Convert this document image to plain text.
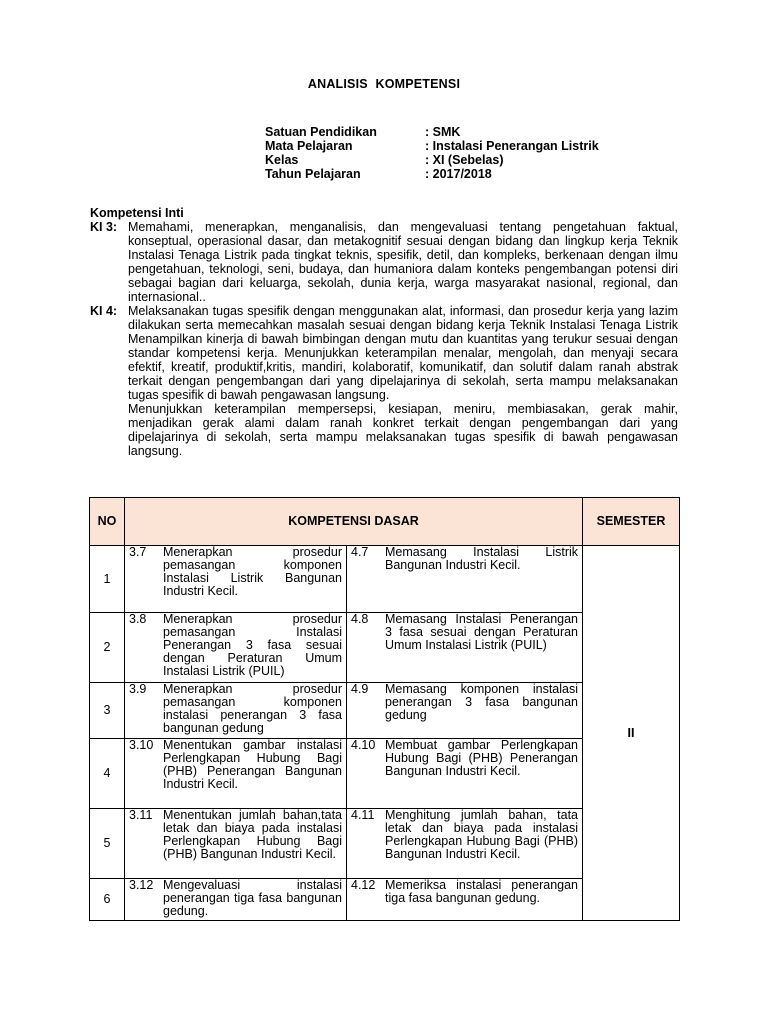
ANALISIS KOMPETENSI
Satuan Pendidikan	: SMK
Mata Pelajaran	: Instalasi Penerangan Listrik
Kelas	: XI (Sebelas)
Tahun Pelajaran	: 2017/2018
Kompetensi Inti
KI 3: Memahami, menerapkan, menganalisis, dan mengevaluasi tentang pengetahuan faktual, konseptual, operasional dasar, dan metakognitif sesuai dengan bidang dan lingkup kerja Teknik Instalasi Tenaga Listrik pada tingkat teknis, spesifik, detil, dan kompleks, berkenaan dengan ilmu pengetahuan, teknologi, seni, budaya, dan humaniora dalam konteks pengembangan potensi diri sebagai bagian dari keluarga, sekolah, dunia kerja, warga masyarakat nasional, regional, dan internasional..

KI 4: Melaksanakan tugas spesifik dengan menggunakan alat, informasi, dan prosedur kerja yang lazim dilakukan serta memecahkan masalah sesuai dengan bidang kerja Teknik Instalasi Tenaga Listrik Menampilkan kinerja di bawah bimbingan dengan mutu dan kuantitas yang terukur sesuai dengan standar kompetensi kerja. Menunjukkan keterampilan menalar, mengolah, dan menyaji secara efektif, kreatif, produktif,kritis, mandiri, kolaboratif, komunikatif, dan solutif dalam ranah abstrak terkait dengan pengembangan dari yang dipelajarinya di sekolah, serta mampu melaksanakan tugas spesifik di bawah pengawasan langsung.

Menunjukkan keterampilan mempersepsi, kesiapan, meniru, membiasakan, gerak mahir, menjadikan gerak alami dalam ranah konkret terkait dengan pengembangan dari yang dipelajarinya di sekolah, serta mampu melaksanakan tugas spesifik di bawah pengawasan langsung.

NO	KOMPETENSI DASAR		SEMESTER
1	3.7 Menerapkan prosedur pemasangan komponen Instalasi Listrik Bangunan Industri Kecil.	4.7 Memasang Instalasi Listrik Bangunan Industri Kecil.	II
2	3.8 Menerapkan prosedur pemasangan Instalasi Penerangan 3 fasa sesuai dengan Peraturan Umum Instalasi Listrik (PUIL)	4.8 Memasang Instalasi Penerangan 3 fasa sesuai dengan Peraturan Umum Instalasi Listrik (PUIL)	

3	3.9 Menerapkan prosedur pemasangan komponen instalasi penerangan 3 fasa bangunan gedung	4.9 Memasang komponen instalasi penerangan 3 fasa bangunan gedung	

4	3.10 Menentukan gambar instalasi Perlengkapan Hubung Bagi (PHB) Penerangan Bangunan Industri Kecil.	4.10 Membuat gambar Perlengkapan Hubung Bagi (PHB) Penerangan Bangunan Industri Kecil.	

5	3.11 Menentukan jumlah bahan,tata letak dan biaya pada instalasi Perlengkapan Hubung Bagi (PHB) Bangunan Industri Kecil.	4.11 Menghitung jumlah bahan, tata letak dan biaya pada instalasi Perlengkapan Hubung Bagi (PHB) Bangunan Industri Kecil.	

6	3.12 Mengevaluasi instalasi penerangan tiga fasa bangunan gedung.	4.12 Memeriksa instalasi penerangan tiga fasa bangunan gedung.	
